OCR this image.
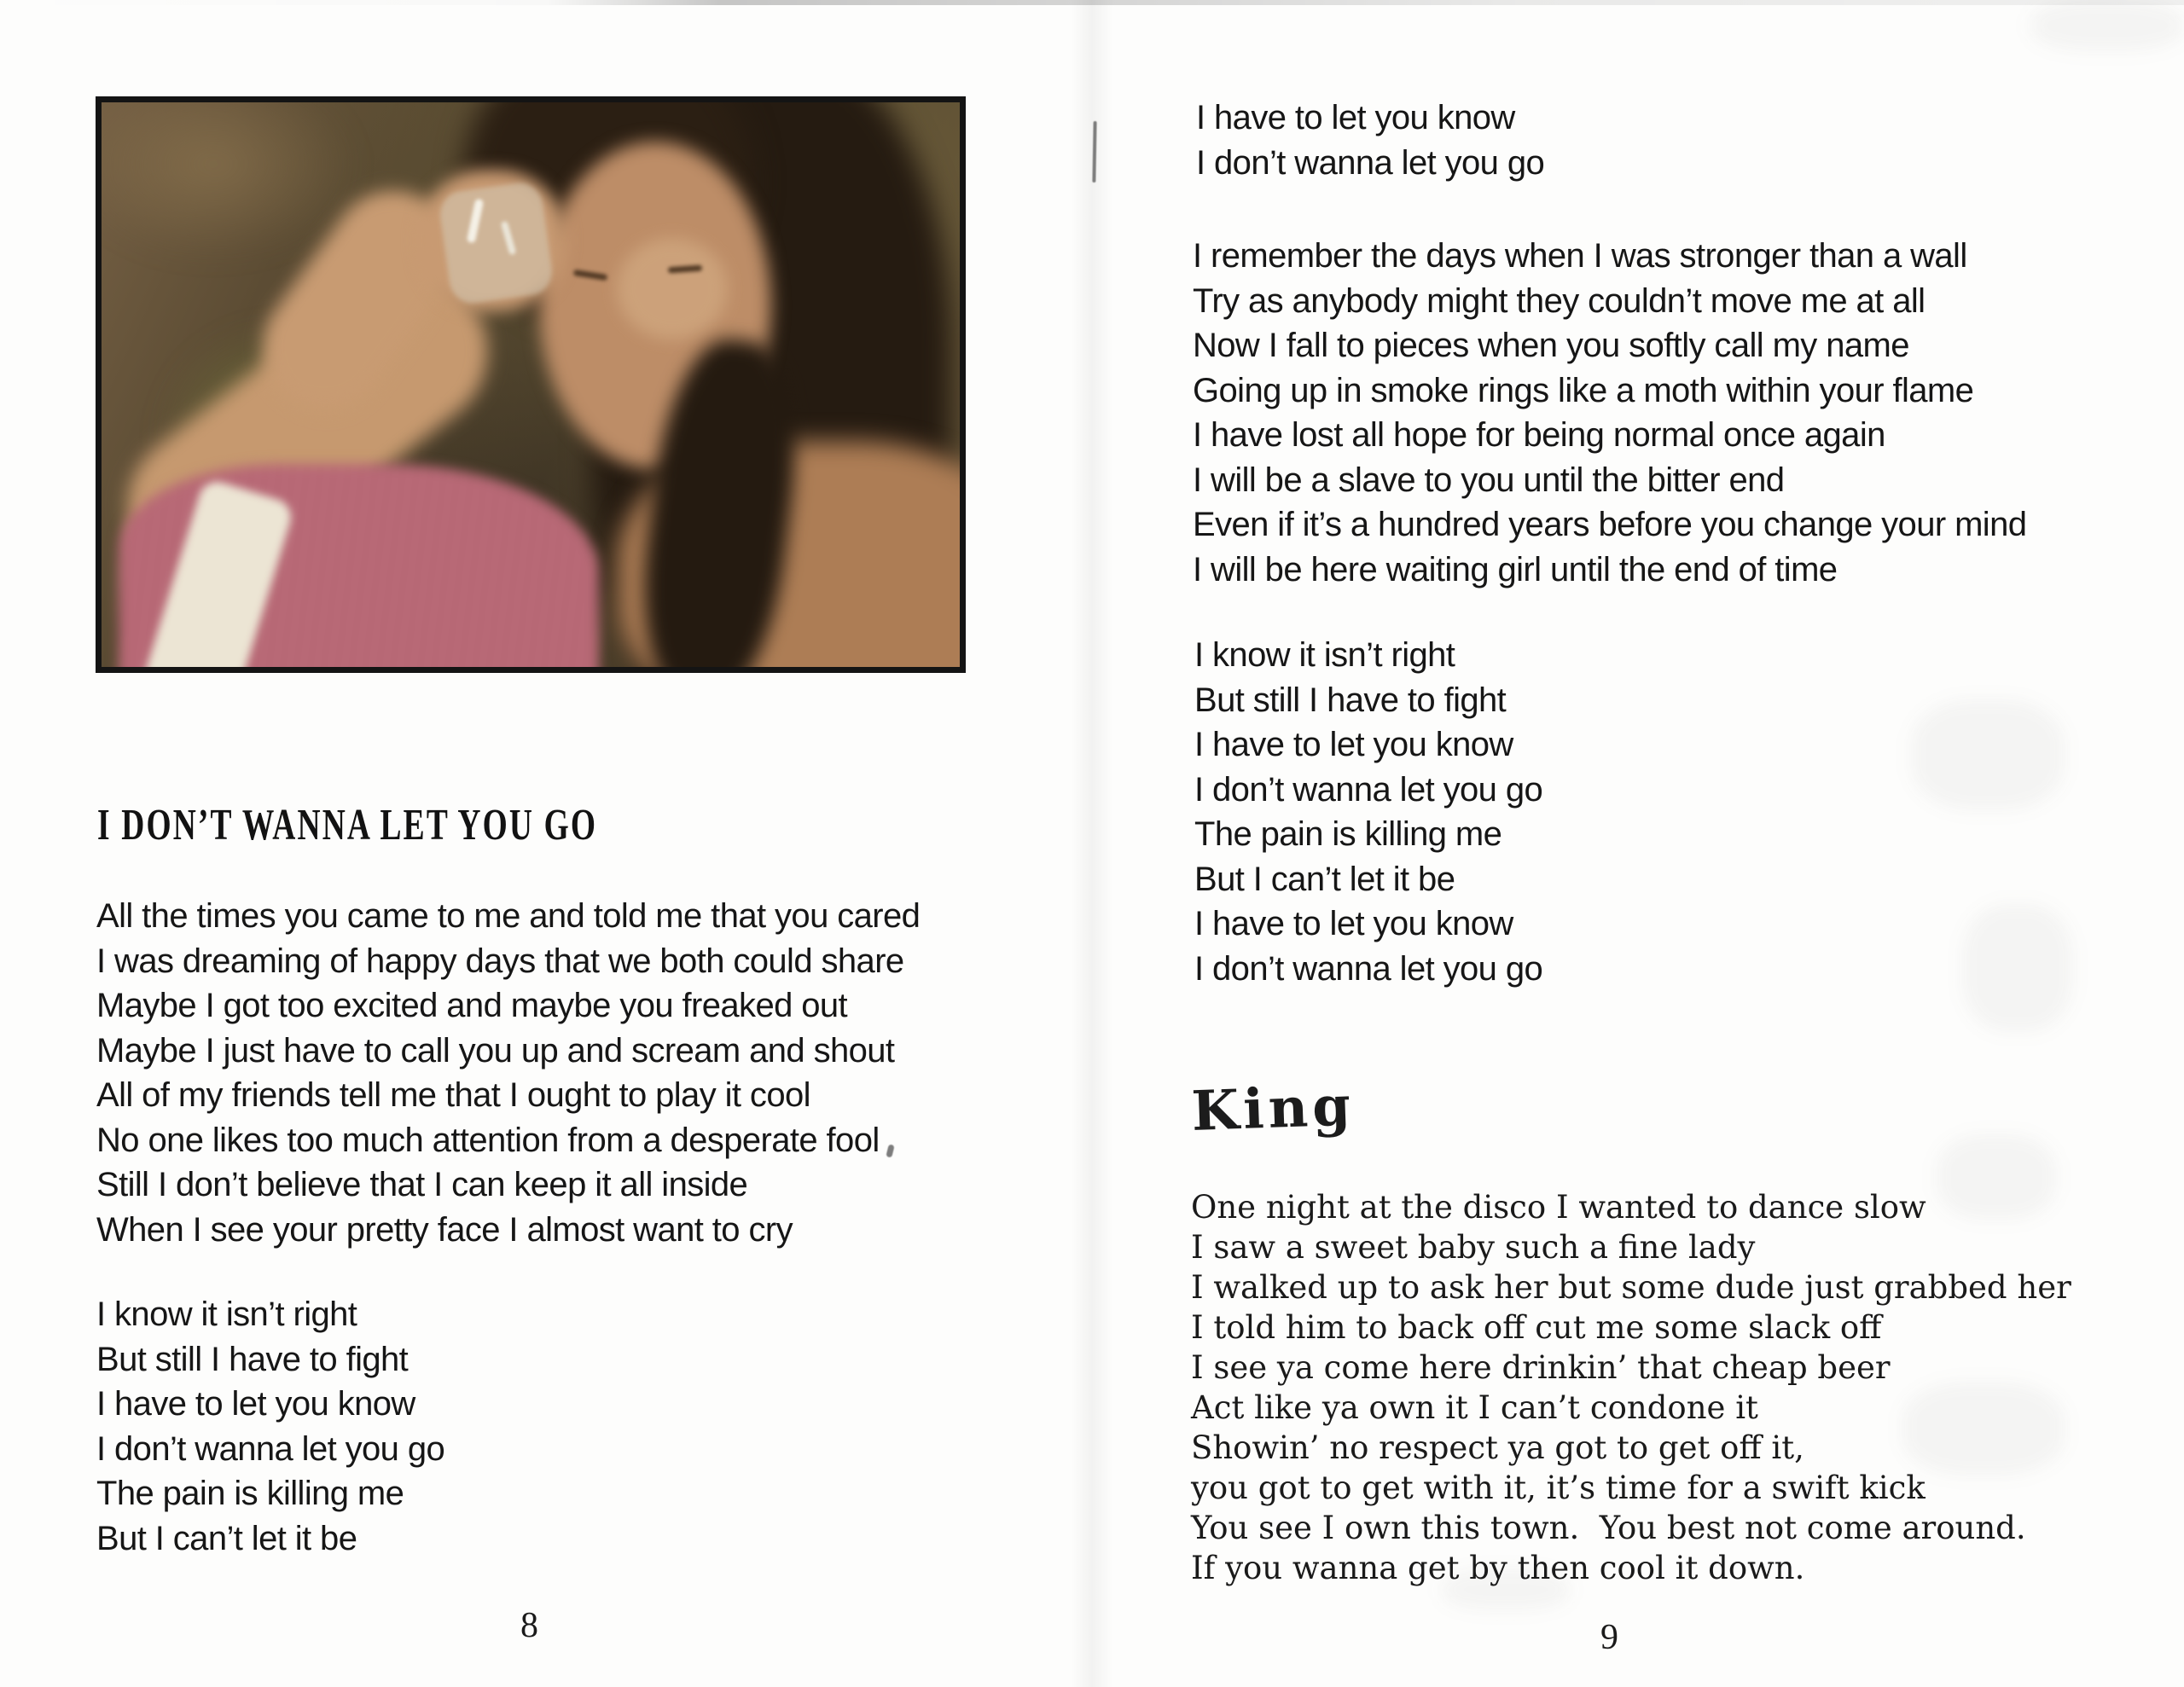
I DON’T WANNA LET YOU GO
All the times you came to me and told me that you cared
I was dreaming of happy days that we both could share
Maybe I got too excited and maybe you freaked out
Maybe I just have to call you up and scream and shout
All of my friends tell me that I ought to play it cool
No one likes too much attention from a desperate fool
Still I don’t believe that I can keep it all inside
When I see your pretty face I almost want to cry
I know it isn’t right
But still I have to fight
I have to let you know
I don’t wanna let you go
The pain is killing me
But I can’t let it be
8
I have to let you know
I don’t wanna let you go
I remember the days when I was stronger than a wall
Try as anybody might they couldn’t move me at all
Now I fall to pieces when you softly call my name
Going up in smoke rings like a moth within your flame
I have lost all hope for being normal once again
I will be a slave to you until the bitter end
Even if it’s a hundred years before you change your mind
I will be here waiting girl until the end of time
I know it isn’t right
But still I have to fight
I have to let you know
I don’t wanna let you go
The pain is killing me
But I can’t let it be
I have to let you know
I don’t wanna let you go
King
One night at the disco I wanted to dance slow
I saw a sweet baby such a fine lady
I walked up to ask her but some dude just grabbed her
I told him to back off cut me some slack off
I see ya come here drinkin’ that cheap beer
Act like ya own it I can’t condone it
Showin’ no respect ya got to get off it,
you got to get with it, it’s time for a swift kick
You see I own this town.  You best not come around.
If you wanna get by then cool it down.
9
